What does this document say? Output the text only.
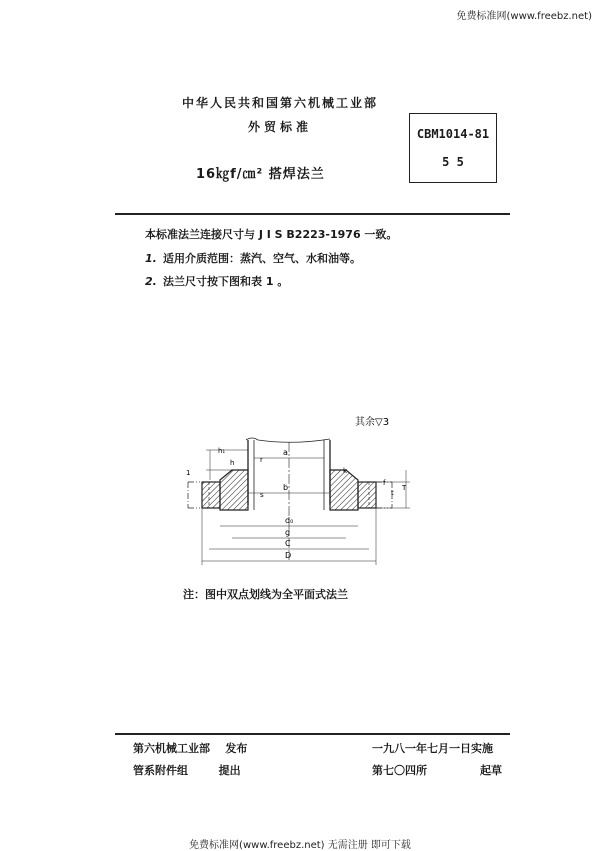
免费标准网(www.freebz.net)
中华人民共和国第六机械工业部
外贸标准
CBM1014-81
5 5
16㎏f/㎝² 搭焊法兰
本标准法兰连接尺寸与 J I S B2223-1976 一致。
1. 适用介质范围：蒸汽、空气、水和油等。
2. 法兰尺寸按下图和表 1 。
其余▽3
a
b
d₀
g
C
D
h₁
h	r
s
1
f
t
T
k
注：图中双点划线为全平面式法兰
第六机械工业部    发布
管系附件组        提出
一九八一年七月一日实施
第七〇四所	起草
免费标准网(www.freebz.net) 无需注册 即可下载
